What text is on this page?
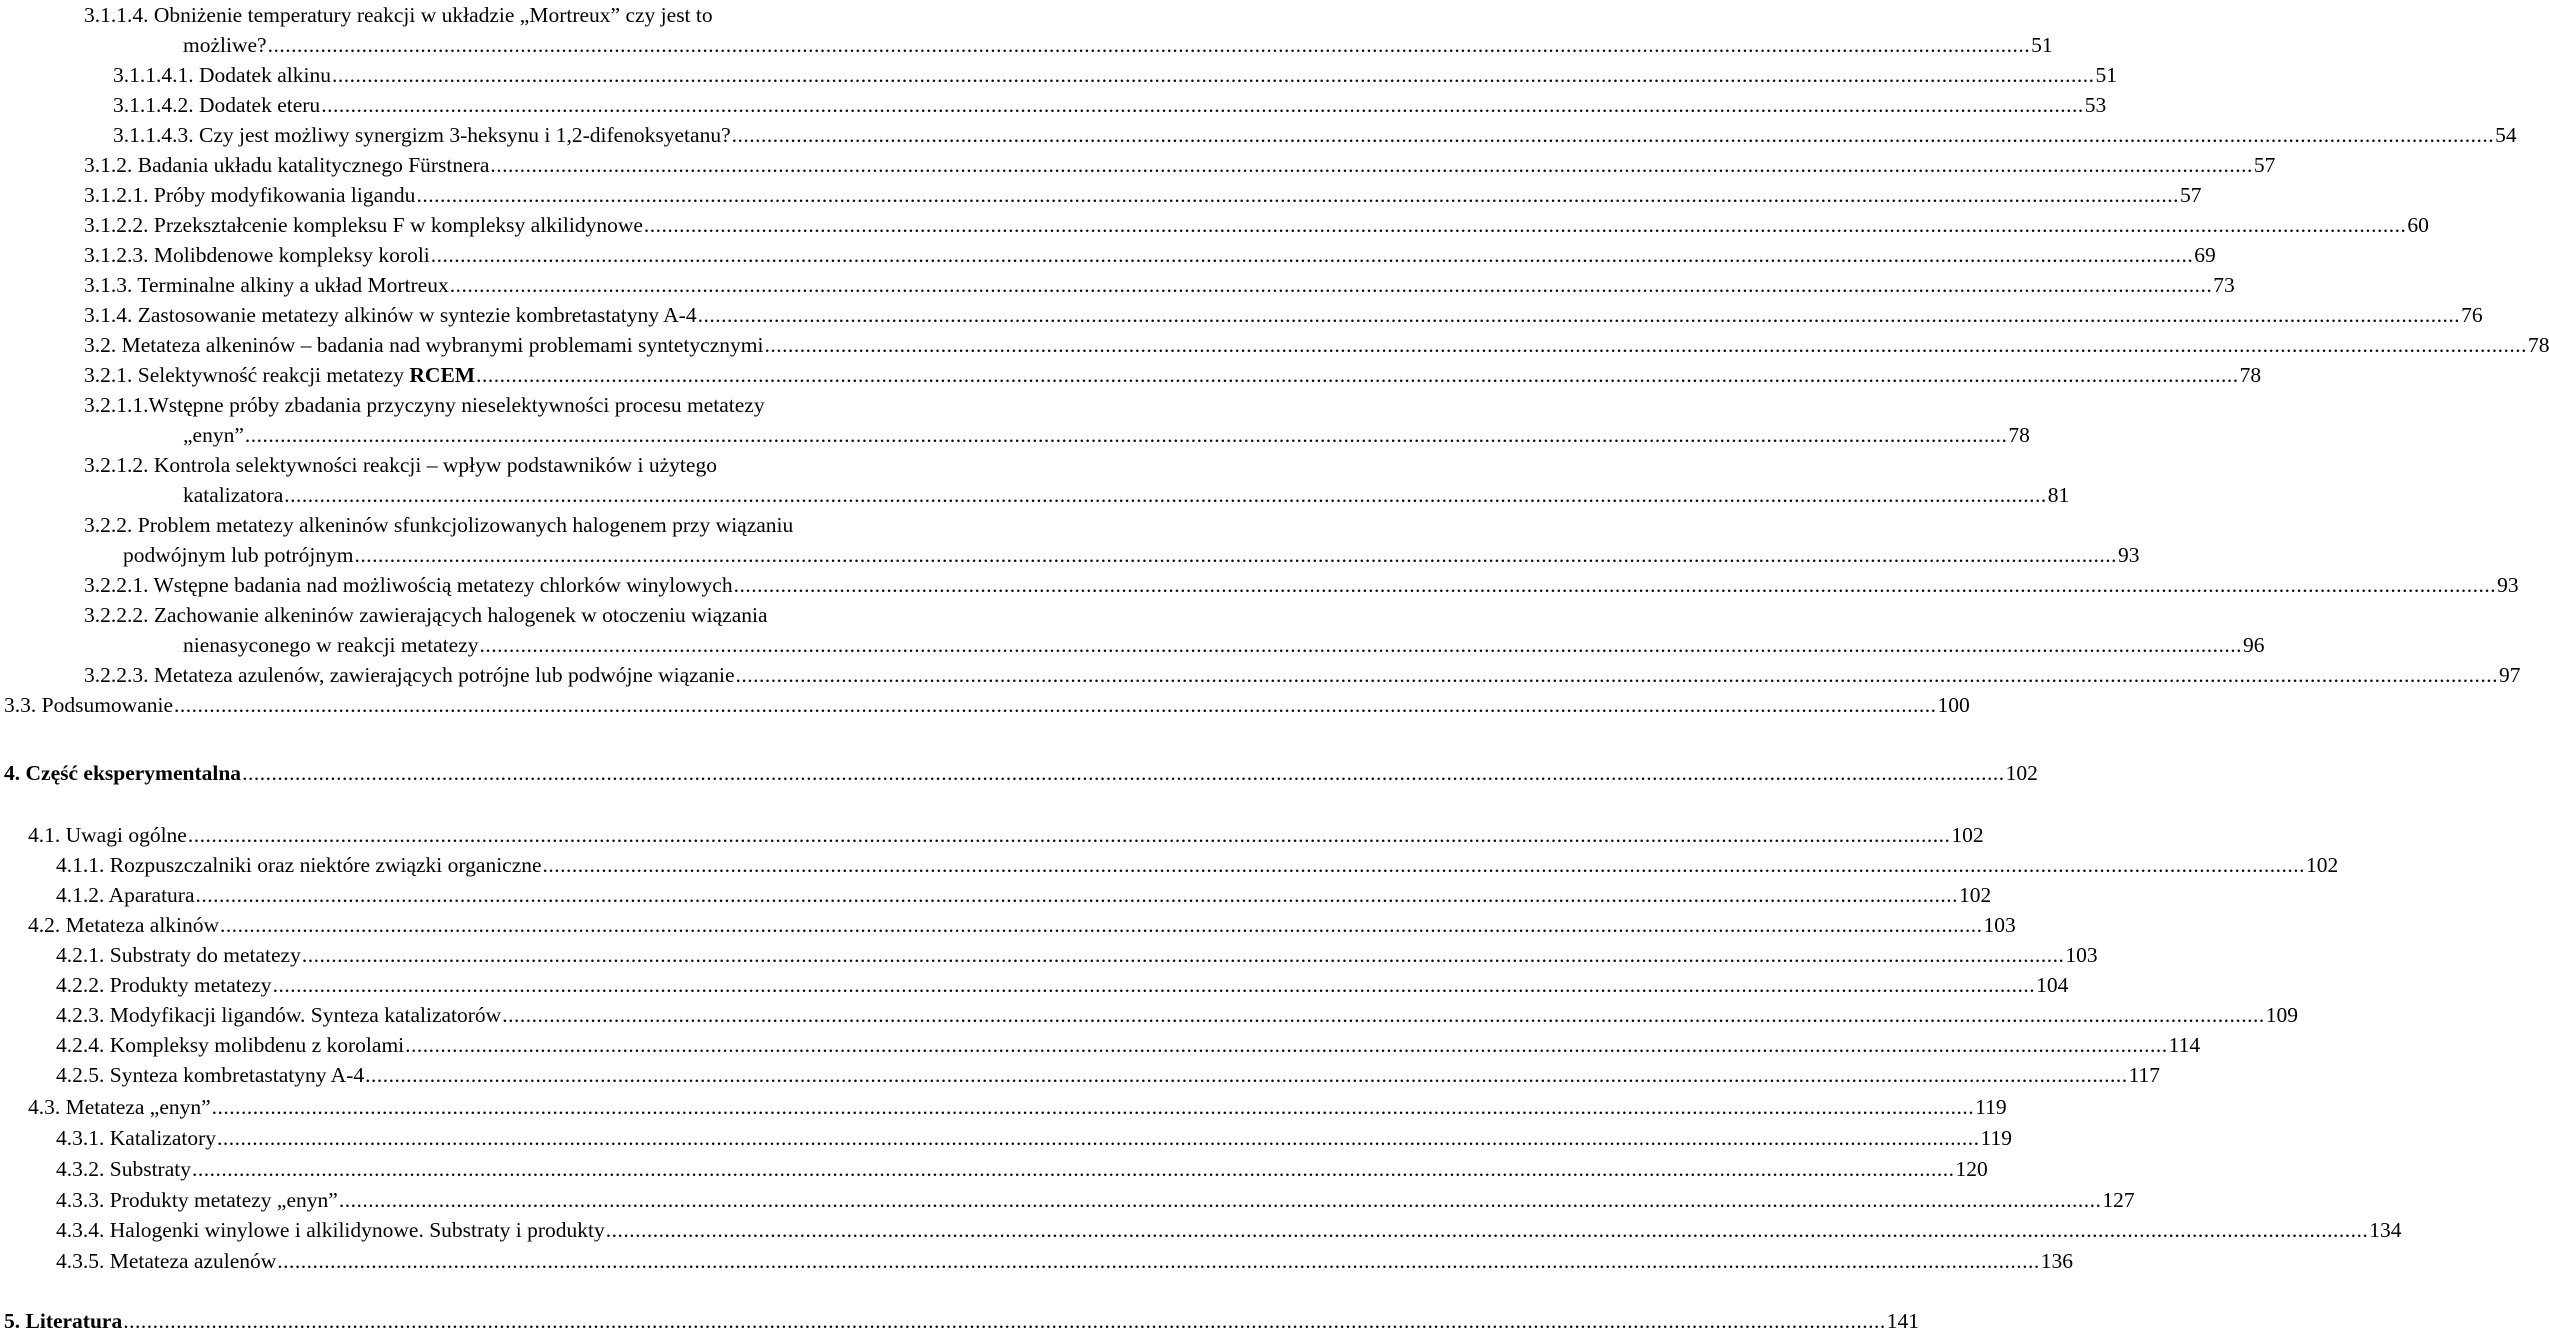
3.1.1.4. Obniżenie temperatury reakcji w układzie „Mortreux” czy jest to
możliwe? ............................................................................................................................................................................................................................................................................................................ 51
3.1.1.4.1. Dodatek alkinu ............................................................................................................................................................................................................................................................................................................ 51
3.1.1.4.2. Dodatek eteru ............................................................................................................................................................................................................................................................................................................ 53
3.1.1.4.3. Czy jest możliwy synergizm 3-heksynu i 1,2-difenoksyetanu? ............................................................................................................................................................................................................................................................................................................ 54
3.1.2. Badania układu katalitycznego Fürstnera ............................................................................................................................................................................................................................................................................................................ 57
3.1.2.1. Próby modyfikowania ligandu ............................................................................................................................................................................................................................................................................................................ 57
3.1.2.2. Przekształcenie kompleksu F w kompleksy alkilidynowe ............................................................................................................................................................................................................................................................................................................ 60
3.1.2.3. Molibdenowe kompleksy koroli ............................................................................................................................................................................................................................................................................................................ 69
3.1.3. Terminalne alkiny a układ Mortreux ............................................................................................................................................................................................................................................................................................................ 73
3.1.4. Zastosowanie metatezy alkinów w syntezie kombretastatyny A-4 ............................................................................................................................................................................................................................................................................................................ 76
3.2. Metateza alkeninów – badania nad wybranymi problemami syntetycznymi ............................................................................................................................................................................................................................................................................................................ 78
3.2.1. Selektywność reakcji metatezy RCEM ............................................................................................................................................................................................................................................................................................................ 78
3.2.1.1.Wstępne próby zbadania przyczyny nieselektywności procesu metatezy
„enyn” ............................................................................................................................................................................................................................................................................................................ 78
3.2.1.2. Kontrola selektywności reakcji – wpływ podstawników i użytego
katalizatora ............................................................................................................................................................................................................................................................................................................ 81
3.2.2. Problem metatezy alkeninów sfunkcjolizowanych halogenem przy wiązaniu
podwójnym lub potrójnym ............................................................................................................................................................................................................................................................................................................ 93
3.2.2.1. Wstępne badania nad możliwością metatezy chlorków winylowych ............................................................................................................................................................................................................................................................................................................ 93
3.2.2.2. Zachowanie alkeninów zawierających halogenek w otoczeniu wiązania
nienasyconego w reakcji metatezy ............................................................................................................................................................................................................................................................................................................ 96
3.2.2.3. Metateza azulenów, zawierających potrójne lub podwójne wiązanie ............................................................................................................................................................................................................................................................................................................ 97
3.3. Podsumowanie ............................................................................................................................................................................................................................................................................................................ 100
4. Część eksperymentalna ............................................................................................................................................................................................................................................................................................................ 102
4.1. Uwagi ogólne ............................................................................................................................................................................................................................................................................................................ 102
4.1.1. Rozpuszczalniki oraz niektóre związki organiczne ............................................................................................................................................................................................................................................................................................................ 102
4.1.2. Aparatura ............................................................................................................................................................................................................................................................................................................ 102
4.2. Metateza alkinów ............................................................................................................................................................................................................................................................................................................ 103
4.2.1. Substraty do metatezy ............................................................................................................................................................................................................................................................................................................ 103
4.2.2. Produkty metatezy ............................................................................................................................................................................................................................................................................................................ 104
4.2.3. Modyfikacji ligandów. Synteza katalizatorów ............................................................................................................................................................................................................................................................................................................ 109
4.2.4. Kompleksy molibdenu z korolami ............................................................................................................................................................................................................................................................................................................ 114
4.2.5. Synteza kombretastatyny A-4 ............................................................................................................................................................................................................................................................................................................ 117
4.3. Metateza „enyn” ............................................................................................................................................................................................................................................................................................................ 119
4.3.1. Katalizatory ............................................................................................................................................................................................................................................................................................................ 119
4.3.2. Substraty ............................................................................................................................................................................................................................................................................................................ 120
4.3.3. Produkty metatezy „enyn” ............................................................................................................................................................................................................................................................................................................ 127
4.3.4. Halogenki winylowe i alkilidynowe. Substraty i produkty ............................................................................................................................................................................................................................................................................................................ 134
4.3.5. Metateza azulenów ............................................................................................................................................................................................................................................................................................................ 136
5. Literatura ............................................................................................................................................................................................................................................................................................................ 141
